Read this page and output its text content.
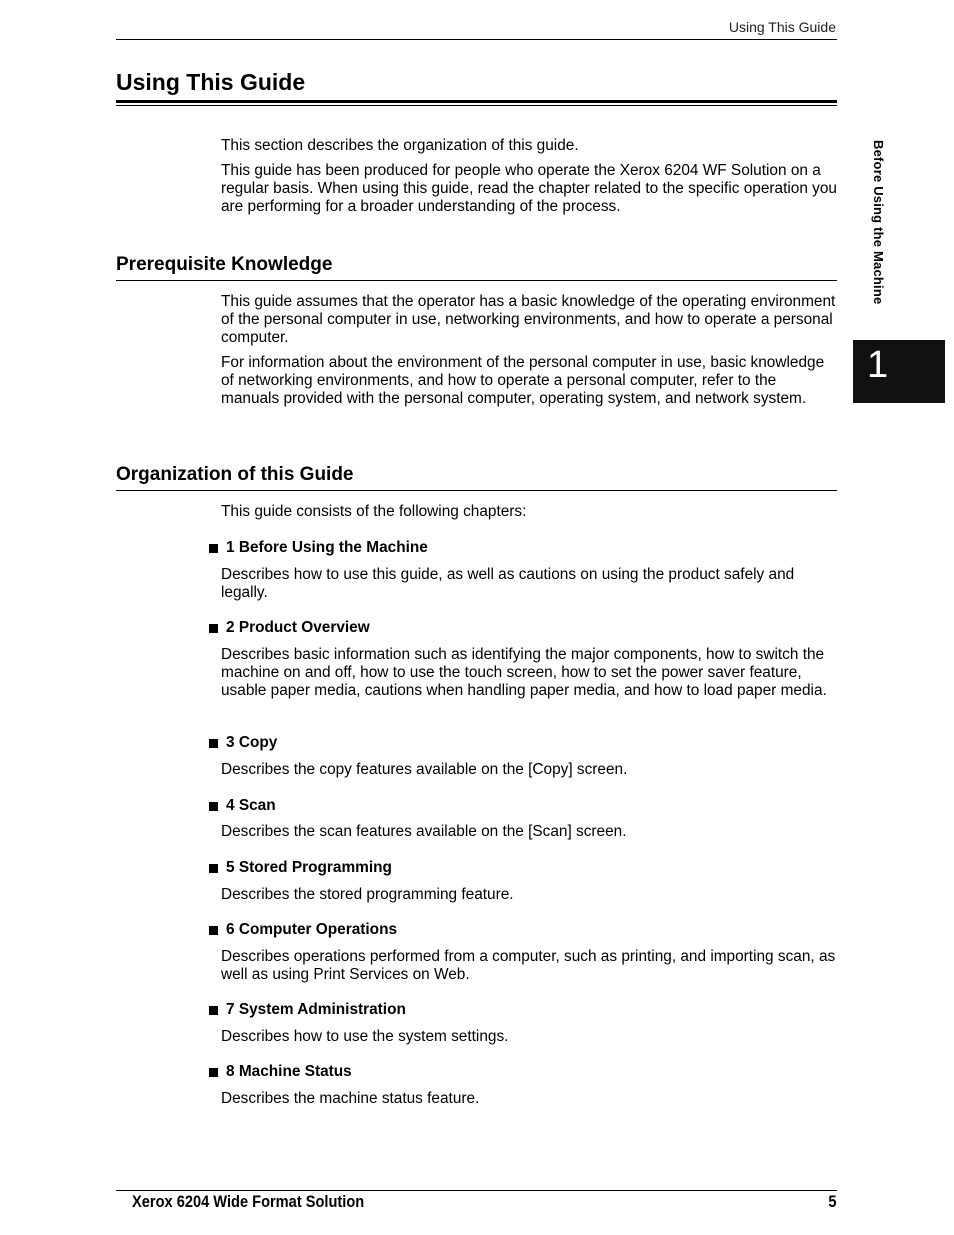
Using This Guide
Using This Guide

This section describes the organization of this guide.

This guide has been produced for people who operate the Xerox 6204 WF Solution on a regular basis. When using this guide, read the chapter related to the specific operation you are performing for a broader understanding of the process.

Prerequisite Knowledge

This guide assumes that the operator has a basic knowledge of the operating environment of the personal computer in use, networking environments, and how to operate a personal computer.

For information about the environment of the personal computer in use, basic knowledge of networking environments, and how to operate a personal computer, refer to the manuals provided with the personal computer, operating system, and network system.

Organization of this Guide

This guide consists of the following chapters:

1 Before Using the Machine

Describes how to use this guide, as well as cautions on using the product safely and legally.

2 Product Overview

Describes basic information such as identifying the major components, how to switch the machine on and off, how to use the touch screen, how to set the power saver feature, usable paper media, cautions when handling paper media, and how to load paper media.

3 Copy

Describes the copy features available on the [Copy] screen.

4 Scan

Describes the scan features available on the [Scan] screen.

5 Stored Programming

Describes the stored programming feature.

6 Computer Operations

Describes operations performed from a computer, such as printing, and importing scan, as well as using Print Services on Web.

7 System Administration

Describes how to use the system settings.

8 Machine Status

Describes the machine status feature.

Before Using the Machine
1
Xerox 6204 Wide Format Solution	5
